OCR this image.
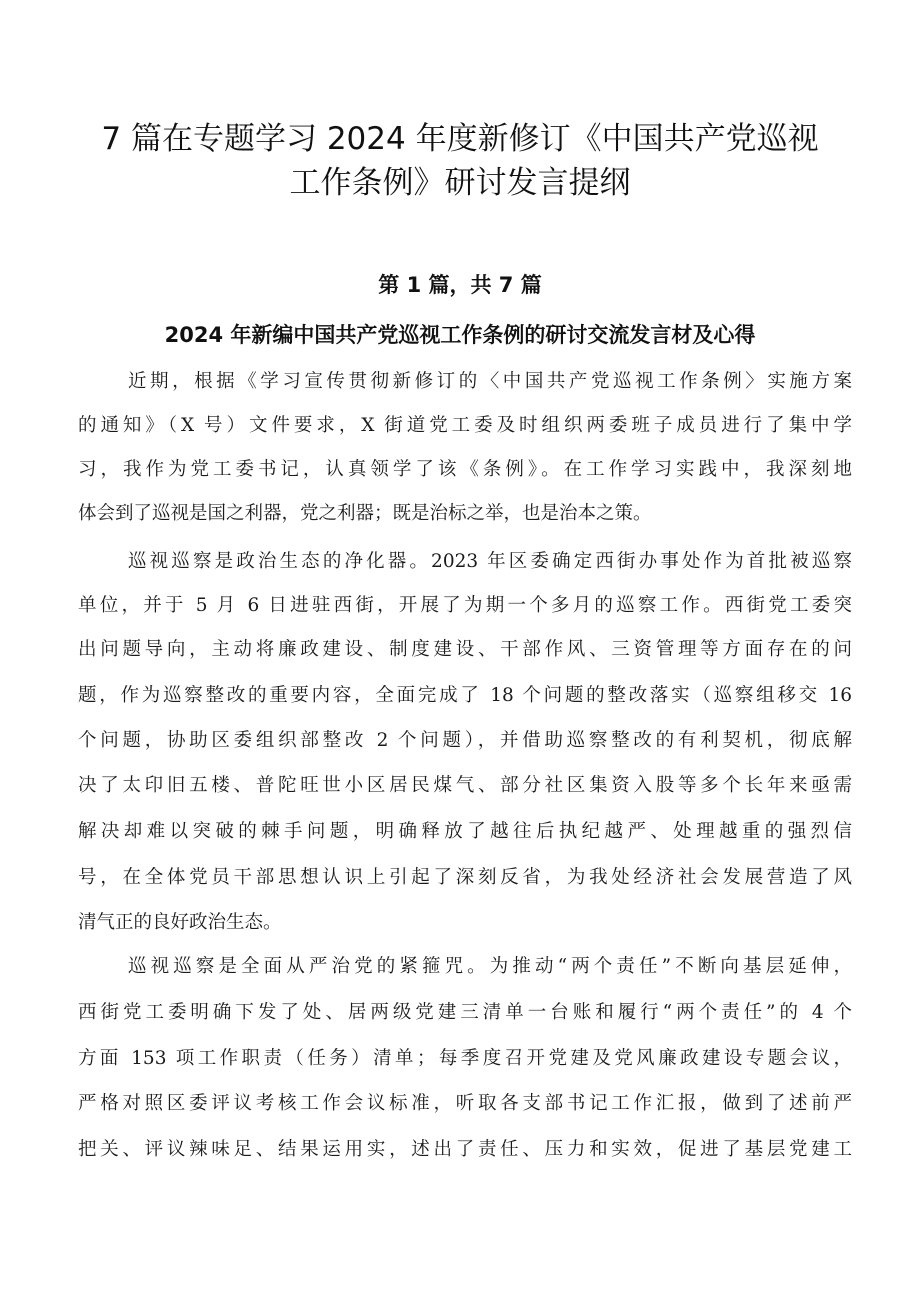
7 篇在专题学习 2024 年度新修订《中国共产党巡视
工作条例》研讨发言提纲
第 1 篇，共 7 篇
2024 年新编中国共产党巡视工作条例的研讨交流发言材及心得

近期，根据《学习宣传贯彻新修订的〈中国共产党巡视工作条例〉实施方案

的通知》（X 号）文件要求，X 街道党工委及时组织两委班子成员进行了集中学

习，我作为党工委书记，认真领学了该《条例》。在工作学习实践中，我深刻地

体会到了巡视是国之利器，党之利器；既是治标之举，也是治本之策。

巡视巡察是政治生态的净化器。2023 年区委确定西街办事处作为首批被巡察

单位，并于 5 月 6 日进驻西街，开展了为期一个多月的巡察工作。西街党工委突

出问题导向，主动将廉政建设、制度建设、干部作风、三资管理等方面存在的问

题，作为巡察整改的重要内容，全面完成了 18 个问题的整改落实（巡察组移交 16

个问题，协助区委组织部整改 2 个问题），并借助巡察整改的有利契机，彻底解

决了太印旧五楼、普陀旺世小区居民煤气、部分社区集资入股等多个长年来亟需

解决却难以突破的棘手问题，明确释放了越往后执纪越严、处理越重的强烈信

号，在全体党员干部思想认识上引起了深刻反省，为我处经济社会发展营造了风

清气正的良好政治生态。

巡视巡察是全面从严治党的紧箍咒。为推动“两个责任”不断向基层延伸，

西街党工委明确下发了处、居两级党建三清单一台账和履行“两个责任”的 4 个

方面 153 项工作职责（任务）清单；每季度召开党建及党风廉政建设专题会议，

严格对照区委评议考核工作会议标准，听取各支部书记工作汇报，做到了述前严

把关、评议辣味足、结果运用实，述出了责任、压力和实效，促进了基层党建工
